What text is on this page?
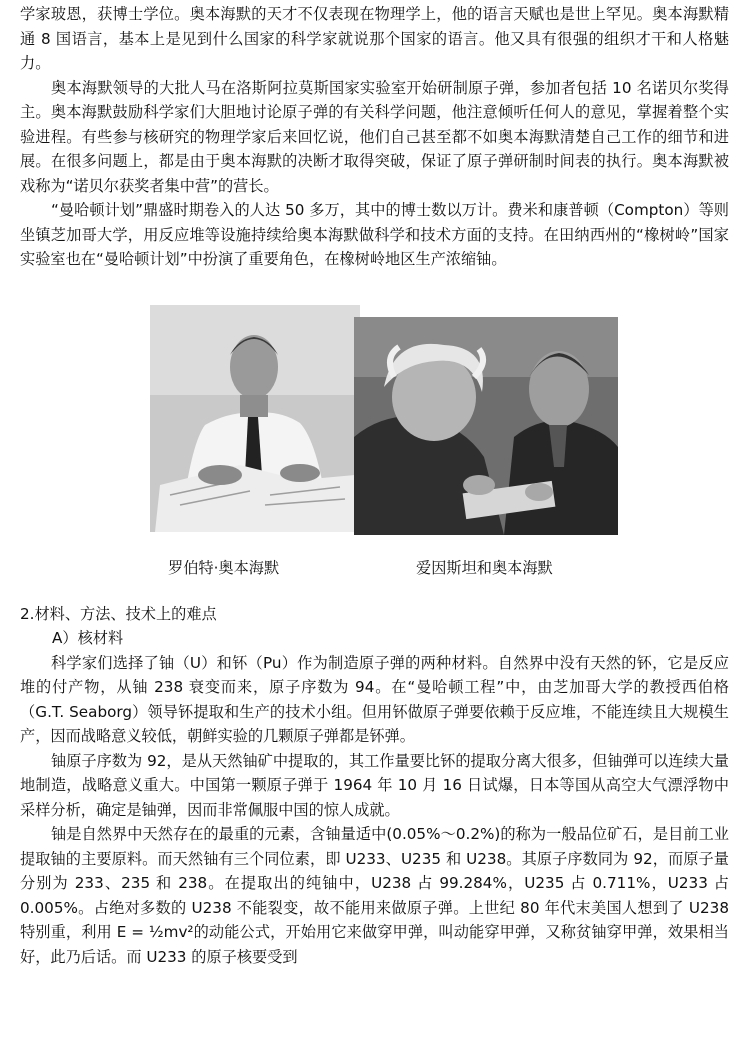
学家玻恩，获博士学位。奥本海默的天才不仅表现在物理学上，他的语言天赋也是世上罕见。奥本海默精通 8 国语言，基本上是见到什么国家的科学家就说那个国家的语言。他又具有很强的组织才干和人格魅力。

奥本海默领导的大批人马在洛斯阿拉莫斯国家实验室开始研制原子弹，参加者包括 10 名诺贝尔奖得主。奥本海默鼓励科学家们大胆地讨论原子弹的有关科学问题，他注意倾听任何人的意见，掌握着整个实验进程。有些参与核研究的物理学家后来回忆说，他们自己甚至都不如奥本海默清楚自己工作的细节和进展。在很多问题上，都是由于奥本海默的决断才取得突破，保证了原子弹研制时间表的执行。奥本海默被戏称为“诺贝尔获奖者集中营”的营长。

“曼哈顿计划”鼎盛时期卷入的人达 50 多万，其中的博士数以万计。费米和康普顿（Compton）等则坐镇芝加哥大学，用反应堆等设施持续给奥本海默做科学和技术方面的支持。在田纳西州的“橡树岭”国家实验室也在“曼哈顿计划”中扮演了重要角色，在橡树岭地区生产浓缩铀。

罗伯特·奥本海默	爱因斯坦和奥本海默
2.材料、方法、技术上的难点
A）核材料

科学家们选择了铀（U）和钚（Pu）作为制造原子弹的两种材料。自然界中没有天然的钚，它是反应堆的付产物，从铀 238 衰变而来，原子序数为 94。在“曼哈顿工程”中，由芝加哥大学的教授西伯格（G.T. Seaborg）领导钚提取和生产的技术小组。但用钚做原子弹要依赖于反应堆，不能连续且大规模生产，因而战略意义较低，朝鲜实验的几颗原子弹都是钚弹。

铀原子序数为 92，是从天然铀矿中提取的，其工作量要比钚的提取分离大很多，但铀弹可以连续大量地制造，战略意义重大。中国第一颗原子弹于 1964 年 10 月 16 日试爆，日本等国从高空大气漂浮物中采样分析，确定是铀弹，因而非常佩服中国的惊人成就。

铀是自然界中天然存在的最重的元素，含铀量适中(0.05%～0.2%)的称为一般品位矿石，是目前工业提取铀的主要原料。而天然铀有三个同位素，即 U233、U235 和 U238。其原子序数同为 92，而原子量分别为 233、235 和 238。在提取出的纯铀中，U238 占 99.284%，U235 占 0.711%，U233 占 0.005%。占绝对多数的 U238 不能裂变，故不能用来做原子弹。上世纪 80 年代末美国人想到了 U238 特别重，利用 E = ½mv²的动能公式，开始用它来做穿甲弹，叫动能穿甲弹，又称贫铀穿甲弹，效果相当好，此乃后话。而 U233 的原子核要受到
